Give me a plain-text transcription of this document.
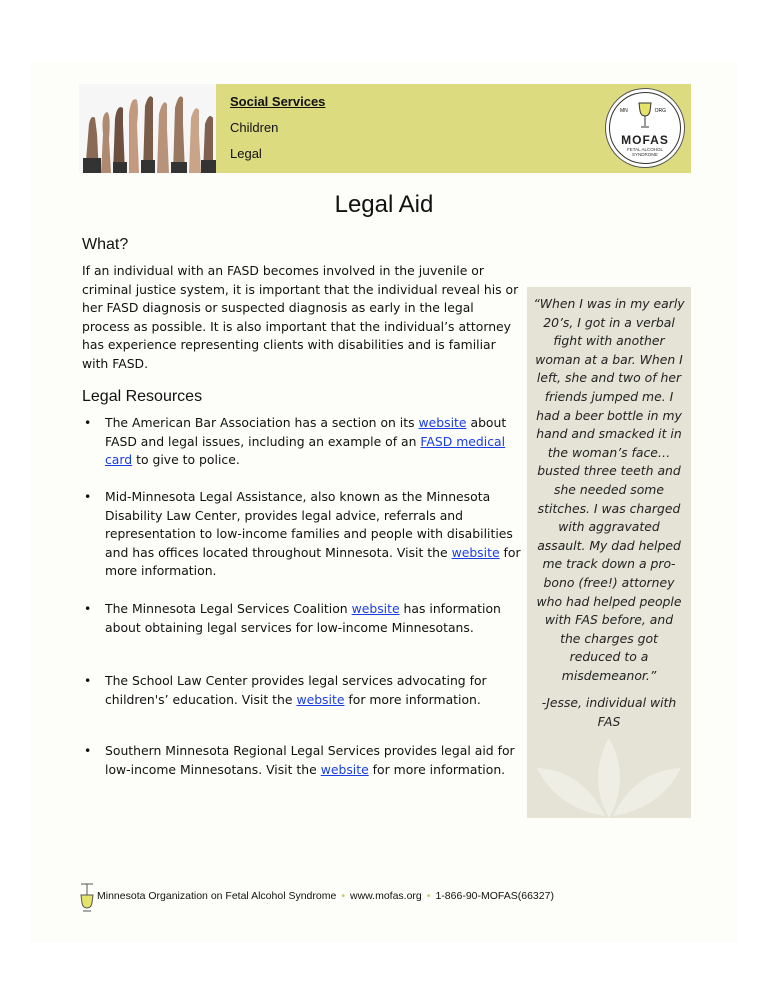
Social Services
Children
Legal
MN	ORG
MOFAS
FETAL ALCOHOL
SYNDROME
Legal Aid
What?

If an individual with an FASD becomes involved in the juvenile or criminal justice system, it is important that the individual reveal his or her FASD diagnosis or suspected diagnosis as early in the legal process as possible. It is also important that the individual’s attorney has experience representing clients with disabilities and is familiar with FASD.

Legal Resources
• The American Bar Association has a section on its website about FASD and legal issues, including an example of an FASD medical card to give to police.
• Mid-Minnesota Legal Assistance, also known as the Minnesota Disability Law Center, provides legal advice, referrals and representation to low-income families and people with disabilities and has offices located throughout Minnesota. Visit the website for more information.
• The Minnesota Legal Services Coalition website has information about obtaining legal services for low-income Minnesotans.
• The School Law Center provides legal services advocating for children's’ education. Visit the website for more information.
• Southern Minnesota Regional Legal Services provides legal aid for low-income Minnesotans. Visit the website for more information.

“When I was in my early 20’s, I got in a verbal fight with another woman at a bar. When I left, she and two of her friends jumped me. I had a beer bottle in my hand and smacked it in the woman’s face…busted three teeth and she needed some stitches. I was charged with aggravated assault. My dad helped me track down a pro-bono (free!) attorney who had helped people with FAS before, and the charges got reduced to a misdemeanor.”

-Jesse, individual with FAS

Minnesota Organization on Fetal Alcohol Syndrome • www.mofas.org • 1-866-90-MOFAS(66327)
